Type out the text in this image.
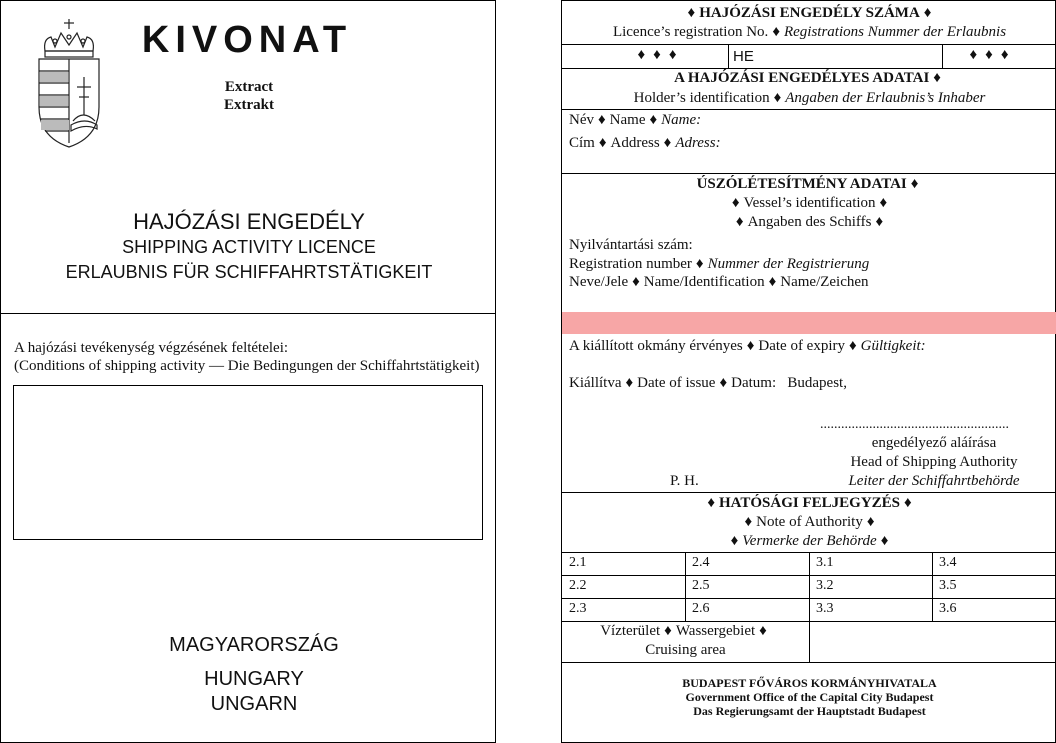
KIVONAT
Extract
Extrakt
HAJÓZÁSI ENGEDÉLY
SHIPPING ACTIVITY LICENCE
ERLAUBNIS FÜR SCHIFFAHRTSTÄTIGKEIT
A hajózási tevékenység végzésének feltételei:
(Conditions of shipping activity — Die Bedingungen der Schiffahrtstätigkeit)
MAGYARORSZÁG
HUNGARY
UNGARN
♦ HAJÓZÁSI ENGEDÉLY SZÁMA ♦
Licence’s registration No. ♦ Registrations Nummer der Erlaubnis
♦ ♦ ♦	HE	♦ ♦ ♦
A HAJÓZÁSI ENGEDÉLYES ADATAI ♦
Holder’s identification ♦ Angaben der Erlaubnis’s Inhaber
Név ♦ Name ♦ Name:
Cím ♦ Address ♦ Adress:
ÚSZÓLÉTESÍTMÉNY ADATAI ♦
♦ Vessel’s identification ♦
♦ Angaben des Schiffs ♦
Nyilvántartási szám:
Registration number ♦ Nummer der Registrierung
Neve/Jele ♦ Name/Identification ♦ Name/Zeichen
A kiállított okmány érvényes ♦ Date of expiry ♦ Gültigkeit:
Kiállítva ♦ Date of issue ♦ Datum: Budapest,
......................................................
engedélyező aláírása
Head of Shipping Authority
P. H.	Leiter der Schiffahrtbehörde
♦ HATÓSÁGI FELJEGYZÉS ♦
♦ Note of Authority ♦
♦ Vermerke der Behörde ♦
2.1	2.4	3.1	3.4
2.2	2.5	3.2	3.5
2.3	2.6	3.3	3.6
Vízterület ♦ Wassergebiet ♦
Cruising area
BUDAPEST FŐVÁROS KORMÁNYHIVATALA
Government Office of the Capital City Budapest
Das Regierungsamt der Hauptstadt Budapest
